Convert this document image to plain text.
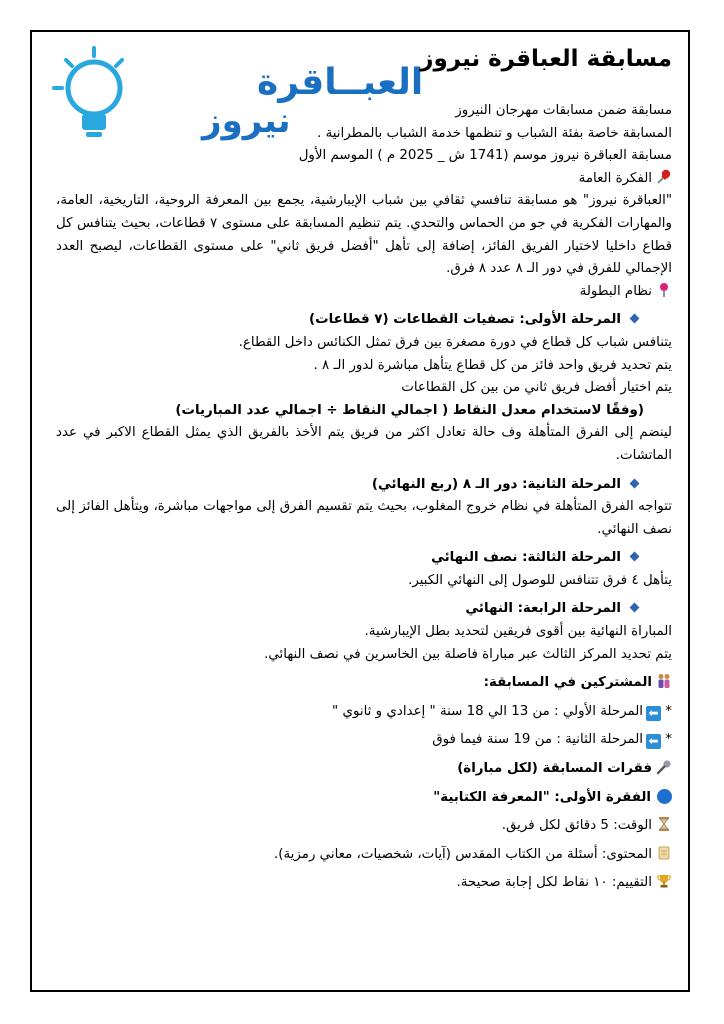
العبــاقرة
نيروز
مسابقة العباقرة نيروز

مسابقة ضمن مسابقات مهرجان النيروز

المسابقة خاصة بفئة الشباب و تنظمها خدمة الشباب بالمطرانية .

مسابقة العباقرة نيروز موسم (1741 ش _ 2025 م ) الموسم الأول

الفكرة العامة

"العباقرة نيروز" هو مسابقة تنافسي ثقافي بين شباب الإيبارشية، يجمع بين المعرفة الروحية، التاريخية، العامة، والمهارات الفكرية في جو من الحماس والتحدي. يتم تنظيم المسابقة على مستوى ٧ قطاعات، بحيث يتنافس كل قطاع داخليا لاختيار الفريق الفائز، إضافة إلى تأهل "أفضل فريق ثاني" على مستوى القطاعات، ليصبح العدد الإجمالي للفرق في دور الـ ٨ عدد ٨ فرق.

نظام البطولة

المرحلة الأولى: تصفيات القطاعات (٧ قطاعات)

يتنافس شباب كل قطاع في دورة مصغرة بين فرق تمثل الكنائس داخل القطاع.

يتم تحديد فريق واحد فائز من كل قطاع يتأهل مباشرة لدور الـ ٨ .

يتم اختيار أفضل فريق ثاني من بين كل القطاعات

(وفقًا لاستخدام معدل النقاط ( اجمالي النقاط ÷ اجمالي عدد المباريات)

لينضم إلى الفرق المتأهلة وف حالة تعادل اكثر من فريق يتم الأخذ بالفريق الذي يمثل القطاع الاكبر في عدد الماتشات.

المرحلة الثانية: دور الـ ٨ (ربع النهائي)

تتواجه الفرق المتأهلة في نظام خروج المغلوب، بحيث يتم تقسيم الفرق إلى مواجهات مباشرة، ويتأهل الفائز إلى نصف النهائي.

المرحلة الثالثة: نصف النهائي

يتأهل ٤ فرق تتنافس للوصول إلى النهائي الكبير.

المرحلة الرابعة: النهائي

المباراة النهائية بين أقوى فريقين لتحديد بطل الإيبارشية.

يتم تحديد المركز الثالث عبر مباراة فاصلة بين الخاسرين في نصف النهائي.

المشتركين في المسابقة:

* ⬅المرحلة الأولي : من 13 الي 18 سنة " إعدادي و ثانوي "

* ⬅المرحلة الثانية : من 19 سنة فيما فوق

فقرات المسابقة (لكل مباراة)

الفقرة الأولى: "المعرفة الكتابية"

الوقت: 5 دقائق لكل فريق.

المحتوى: أسئلة من الكتاب المقدس (آيات، شخصيات، معاني رمزية).

التقييم: ١٠ نقاط لكل إجابة صحيحة.
